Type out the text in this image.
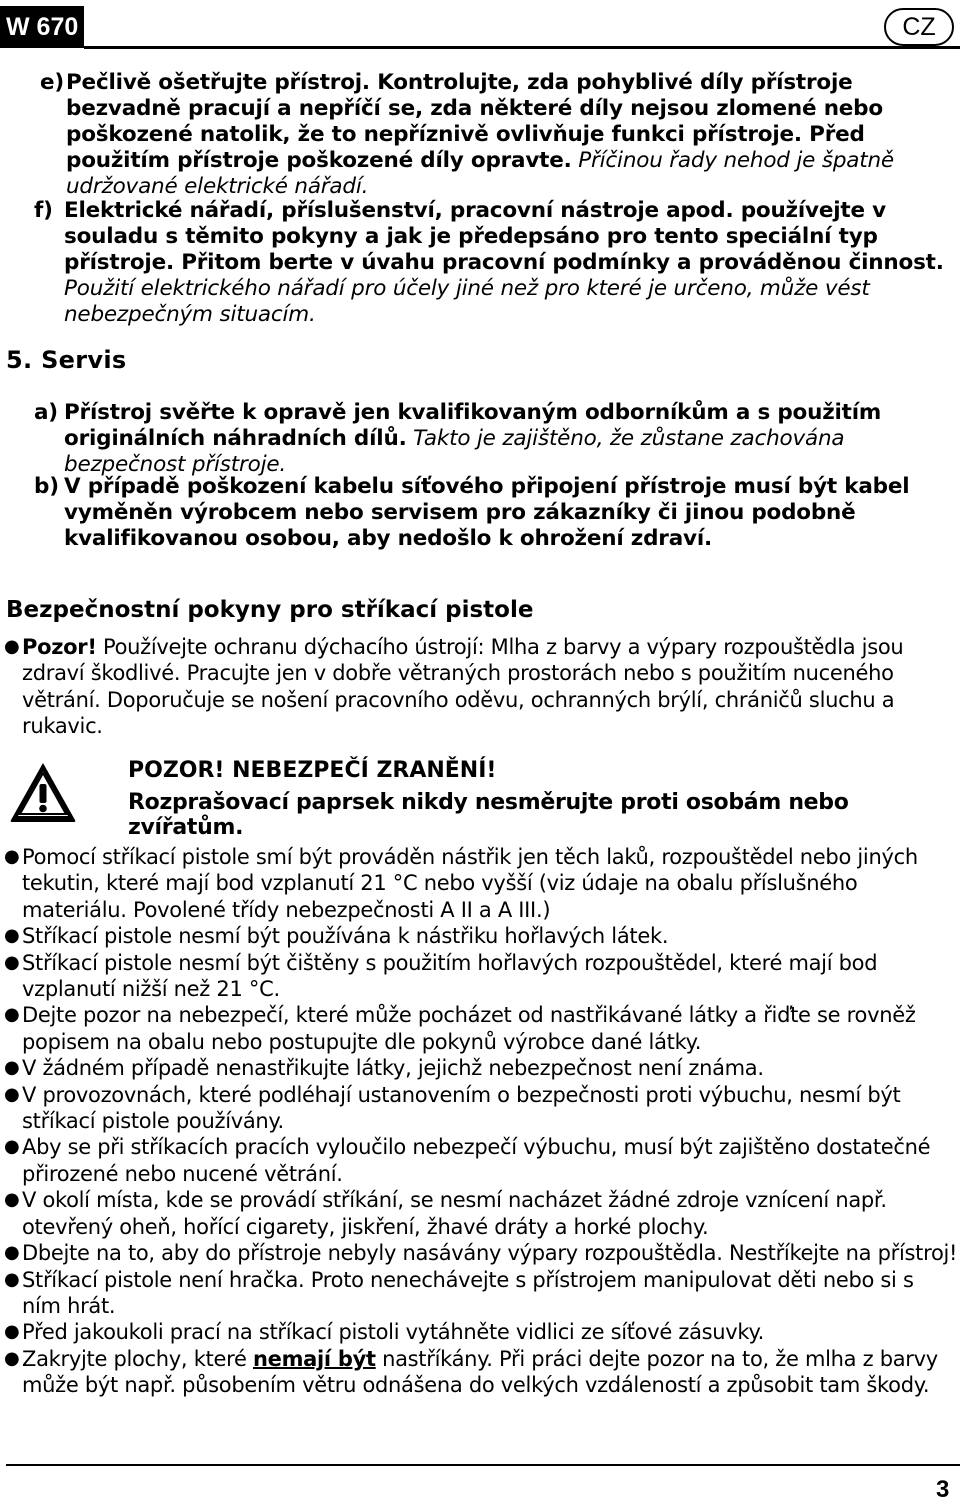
W 670	CZ
e) Pečlivě ošetřujte přístroj. Kontrolujte, zda pohyblivé díly přístroje bezvadně pracují a nepříčí se, zda některé díly nejsou zlomené nebo poškozené natolik, že to nepříznivě ovlivňuje funkci přístroje. Před použitím přístroje poškozené díly opravte. Příčinou řady nehod je špatně udržované elektrické nářadí.
f) Elektrické nářadí, příslušenství, pracovní nástroje apod. používejte v souladu s těmito pokyny a jak je předepsáno pro tento speciální typ přístroje. Přitom berte v úvahu pracovní podmínky a prováděnou činnost. Použití elektrického nářadí pro účely jiné než pro které je určeno, může vést nebezpečným situacím.
5. Servis
a) Přístroj svěřte k opravě jen kvalifikovaným odborníkům a s použitím originálních náhradních dílů. Takto je zajištěno, že zůstane zachována bezpečnost přístroje.
b) V případě poškození kabelu síťového připojení přístroje musí být kabel vyměněn výrobcem nebo servisem pro zákazníky či jinou podobně kvalifikovanou osobou, aby nedošlo k ohrožení zdraví.
Bezpečnostní pokyny pro stříkací pistole
● Pozor! Používejte ochranu dýchacího ústrojí: Mlha z barvy a výpary rozpouštědla jsou zdraví škodlivé. Pracujte jen v dobře větraných prostorách nebo s použitím nuceného větrání. Doporučuje se nošení pracovního oděvu, ochranných brýlí, chráničů sluchu a rukavic.
POZOR! NEBEZPEČÍ ZRANĚNÍ!
Rozprašovací paprsek nikdy nesměrujte proti osobám nebo zvířatům.
● Pomocí stříkací pistole smí být prováděn nástřik jen těch laků, rozpouštědel nebo jiných tekutin, které mají bod vzplanutí 21 °C nebo vyšší (viz údaje na obalu příslušného materiálu. Povolené třídy nebezpečnosti A II a A III.)
● Stříkací pistole nesmí být používána k nástřiku hořlavých látek.
● Stříkací pistole nesmí být čištěny s použitím hořlavých rozpouštědel, které mají bod vzplanutí nižší než 21 °C.
● Dejte pozor na nebezpečí, které může pocházet od nastřikávané látky a řiďte se rovněž popisem na obalu nebo postupujte dle pokynů výrobce dané látky.
● V žádném případě nenastřikujte látky, jejichž nebezpečnost není známa.
● V provozovnách, které podléhají ustanovením o bezpečnosti proti výbuchu, nesmí být stříkací pistole používány.
● Aby se při stříkacích pracích vyloučilo nebezpečí výbuchu, musí být zajištěno dostatečné přirozené nebo nucené větrání.
● V okolí místa, kde se provádí stříkání, se nesmí nacházet žádné zdroje vznícení např. otevřený oheň, hořící cigarety, jiskření, žhavé dráty a horké plochy.
● Dbejte na to, aby do přístroje nebyly nasávány výpary rozpouštědla. Nestříkejte na přístroj!
● Stříkací pistole není hračka. Proto nenechávejte s přístrojem manipulovat děti nebo si s ním hrát.
● Před jakoukoli prací na stříkací pistoli vytáhněte vidlici ze síťové zásuvky.
● Zakryjte plochy, které nemají být nastříkány. Při práci dejte pozor na to, že mlha z barvy může být např. působením větru odnášena do velkých vzdáleností a způsobit tam škody.
3
